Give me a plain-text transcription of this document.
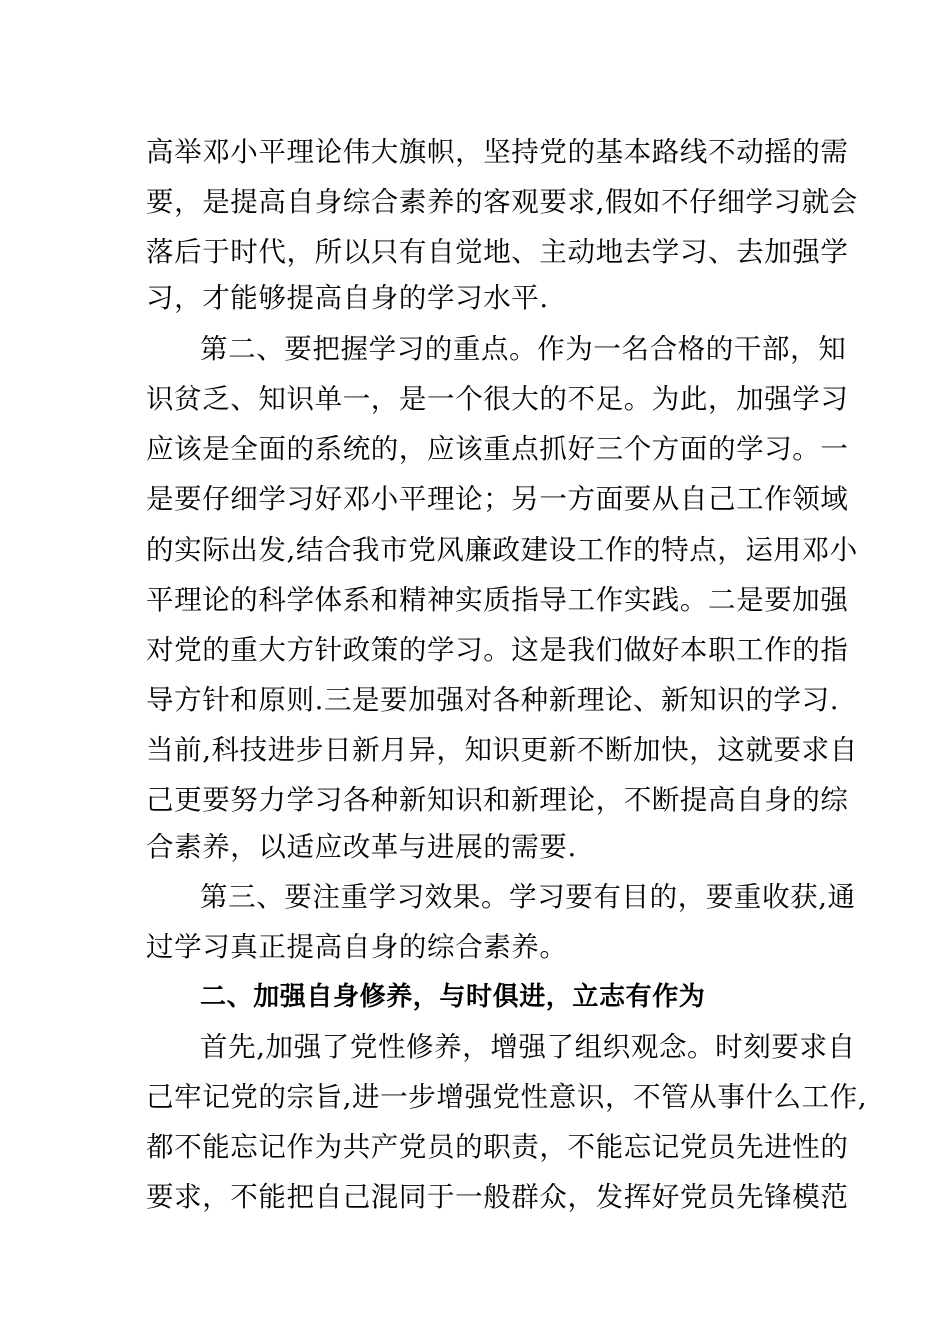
高举邓小平理论伟大旗帜，坚持党的基本路线不动摇的需
要，是提高自身综合素养的客观要求,假如不仔细学习就会
落后于时代，所以只有自觉地、主动地去学习、去加强学
习，才能够提高自身的学习水平.
第二、要把握学习的重点。作为一名合格的干部，知
识贫乏、知识单一，是一个很大的不足。为此，加强学习
应该是全面的系统的，应该重点抓好三个方面的学习。一
是要仔细学习好邓小平理论；另一方面要从自己工作领域
的实际出发,结合我市党风廉政建设工作的特点，运用邓小
平理论的科学体系和精神实质指导工作实践。二是要加强
对党的重大方针政策的学习。这是我们做好本职工作的指
导方针和原则.三是要加强对各种新理论、新知识的学习.
当前,科技进步日新月异，知识更新不断加快，这就要求自
己更要努力学习各种新知识和新理论，不断提高自身的综
合素养，以适应改革与进展的需要.
第三、要注重学习效果。学习要有目的，要重收获,通
过学习真正提高自身的综合素养。
二、加强自身修养，与时俱进，立志有作为
首先,加强了党性修养，增强了组织观念。时刻要求自
己牢记党的宗旨,进一步增强党性意识，不管从事什么工作,
都不能忘记作为共产党员的职责，不能忘记党员先进性的
要求，不能把自己混同于一般群众，发挥好党员先锋模范
